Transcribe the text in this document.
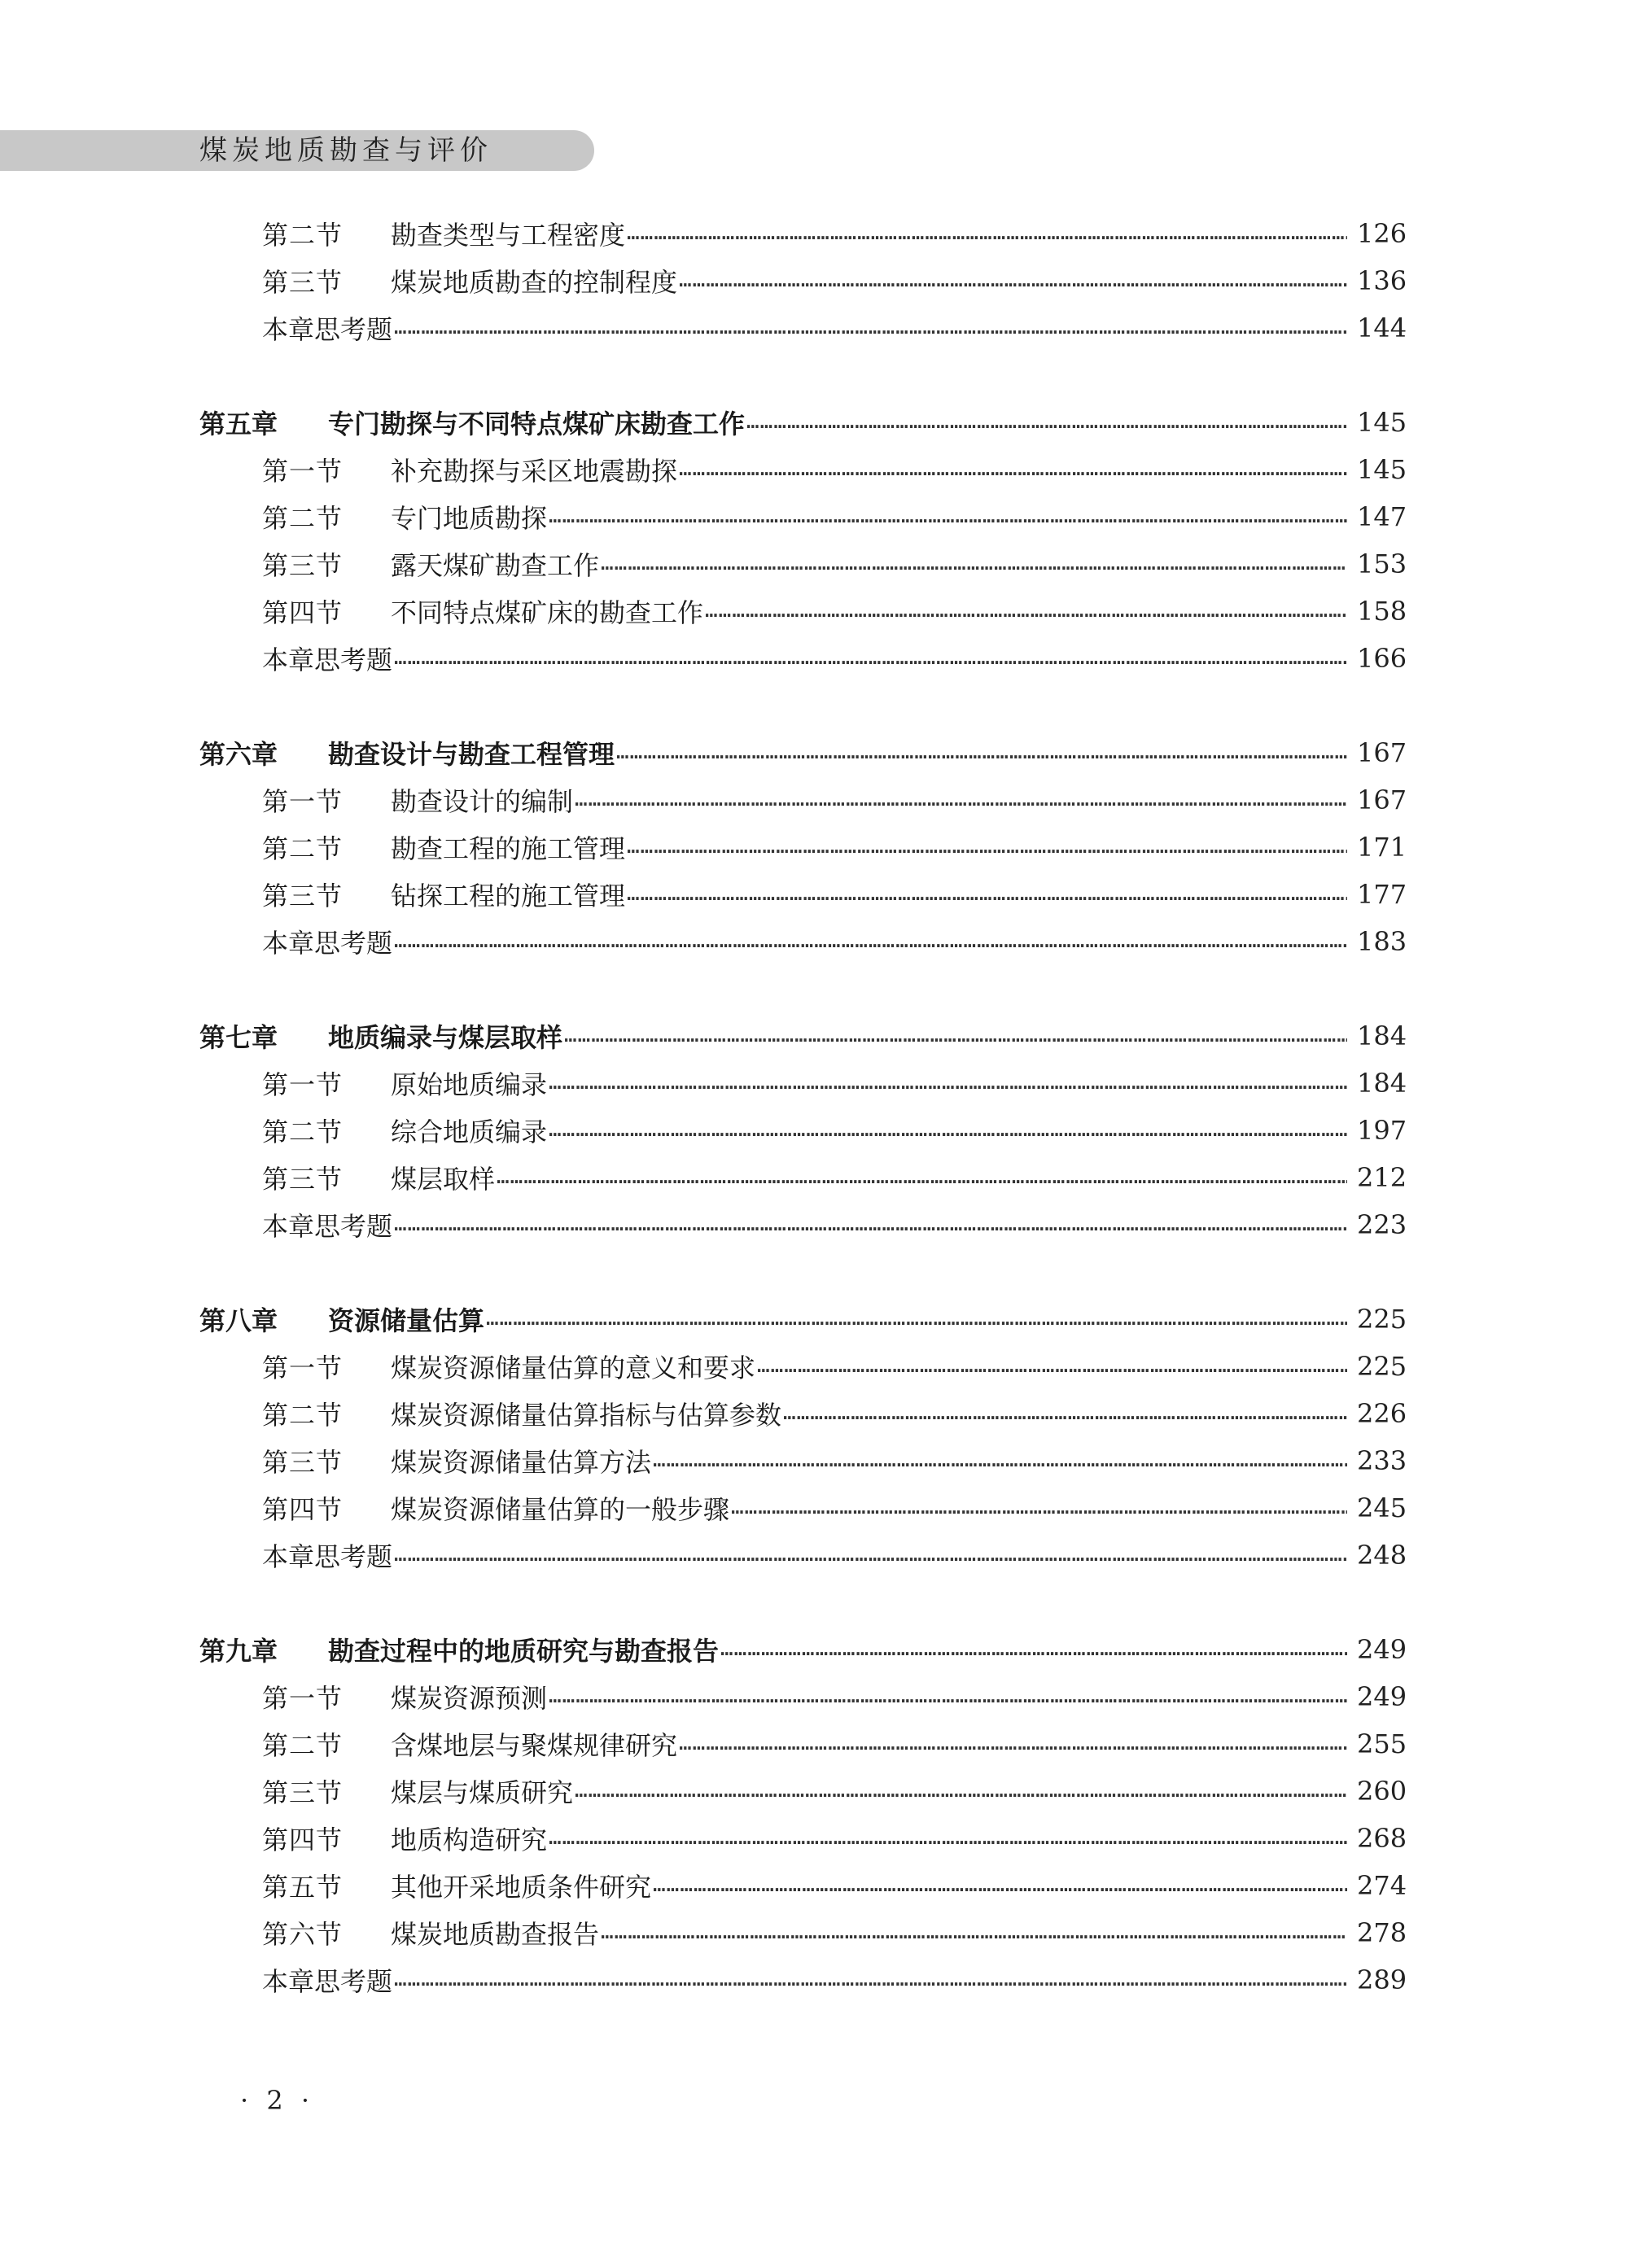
煤炭地质勘查与评价
第二节 勘查类型与工程密度 ……………………………………………………………………………………………………………………………………………………………………………………………………	126
第三节 煤炭地质勘查的控制程度 ……………………………………………………………………………………………………………………………………………………………………………………………………	136
本章思考题 ……………………………………………………………………………………………………………………………………………………………………………………………………	144
第五章 专门勘探与不同特点煤矿床勘查工作 ……………………………………………………………………………………………………………………………………………………………………………………………………	145
第一节 补充勘探与采区地震勘探 ……………………………………………………………………………………………………………………………………………………………………………………………………	145
第二节 专门地质勘探 ……………………………………………………………………………………………………………………………………………………………………………………………………	147
第三节 露天煤矿勘查工作 ……………………………………………………………………………………………………………………………………………………………………………………………………	153
第四节 不同特点煤矿床的勘查工作 ……………………………………………………………………………………………………………………………………………………………………………………………………	158
本章思考题 ……………………………………………………………………………………………………………………………………………………………………………………………………	166
第六章 勘查设计与勘查工程管理 ……………………………………………………………………………………………………………………………………………………………………………………………………	167
第一节 勘查设计的编制 ……………………………………………………………………………………………………………………………………………………………………………………………………	167
第二节 勘查工程的施工管理 ……………………………………………………………………………………………………………………………………………………………………………………………………	171
第三节 钻探工程的施工管理 ……………………………………………………………………………………………………………………………………………………………………………………………………	177
本章思考题 ……………………………………………………………………………………………………………………………………………………………………………………………………	183
第七章 地质编录与煤层取样 ……………………………………………………………………………………………………………………………………………………………………………………………………	184
第一节 原始地质编录 ……………………………………………………………………………………………………………………………………………………………………………………………………	184
第二节 综合地质编录 ……………………………………………………………………………………………………………………………………………………………………………………………………	197
第三节 煤层取样 ……………………………………………………………………………………………………………………………………………………………………………………………………	212
本章思考题 ……………………………………………………………………………………………………………………………………………………………………………………………………	223
第八章 资源储量估算 ……………………………………………………………………………………………………………………………………………………………………………………………………	225
第一节 煤炭资源储量估算的意义和要求 ……………………………………………………………………………………………………………………………………………………………………………………………………	225
第二节 煤炭资源储量估算指标与估算参数 ……………………………………………………………………………………………………………………………………………………………………………………………………	226
第三节 煤炭资源储量估算方法 ……………………………………………………………………………………………………………………………………………………………………………………………………	233
第四节 煤炭资源储量估算的一般步骤 ……………………………………………………………………………………………………………………………………………………………………………………………………	245
本章思考题 ……………………………………………………………………………………………………………………………………………………………………………………………………	248
第九章 勘查过程中的地质研究与勘查报告 ……………………………………………………………………………………………………………………………………………………………………………………………………	249
第一节 煤炭资源预测 ……………………………………………………………………………………………………………………………………………………………………………………………………	249
第二节 含煤地层与聚煤规律研究 ……………………………………………………………………………………………………………………………………………………………………………………………………	255
第三节 煤层与煤质研究 ……………………………………………………………………………………………………………………………………………………………………………………………………	260
第四节 地质构造研究 ……………………………………………………………………………………………………………………………………………………………………………………………………	268
第五节 其他开采地质条件研究 ……………………………………………………………………………………………………………………………………………………………………………………………………	274
第六节 煤炭地质勘查报告 ……………………………………………………………………………………………………………………………………………………………………………………………………	278
本章思考题 ……………………………………………………………………………………………………………………………………………………………………………………………………	289
· 2 ·
